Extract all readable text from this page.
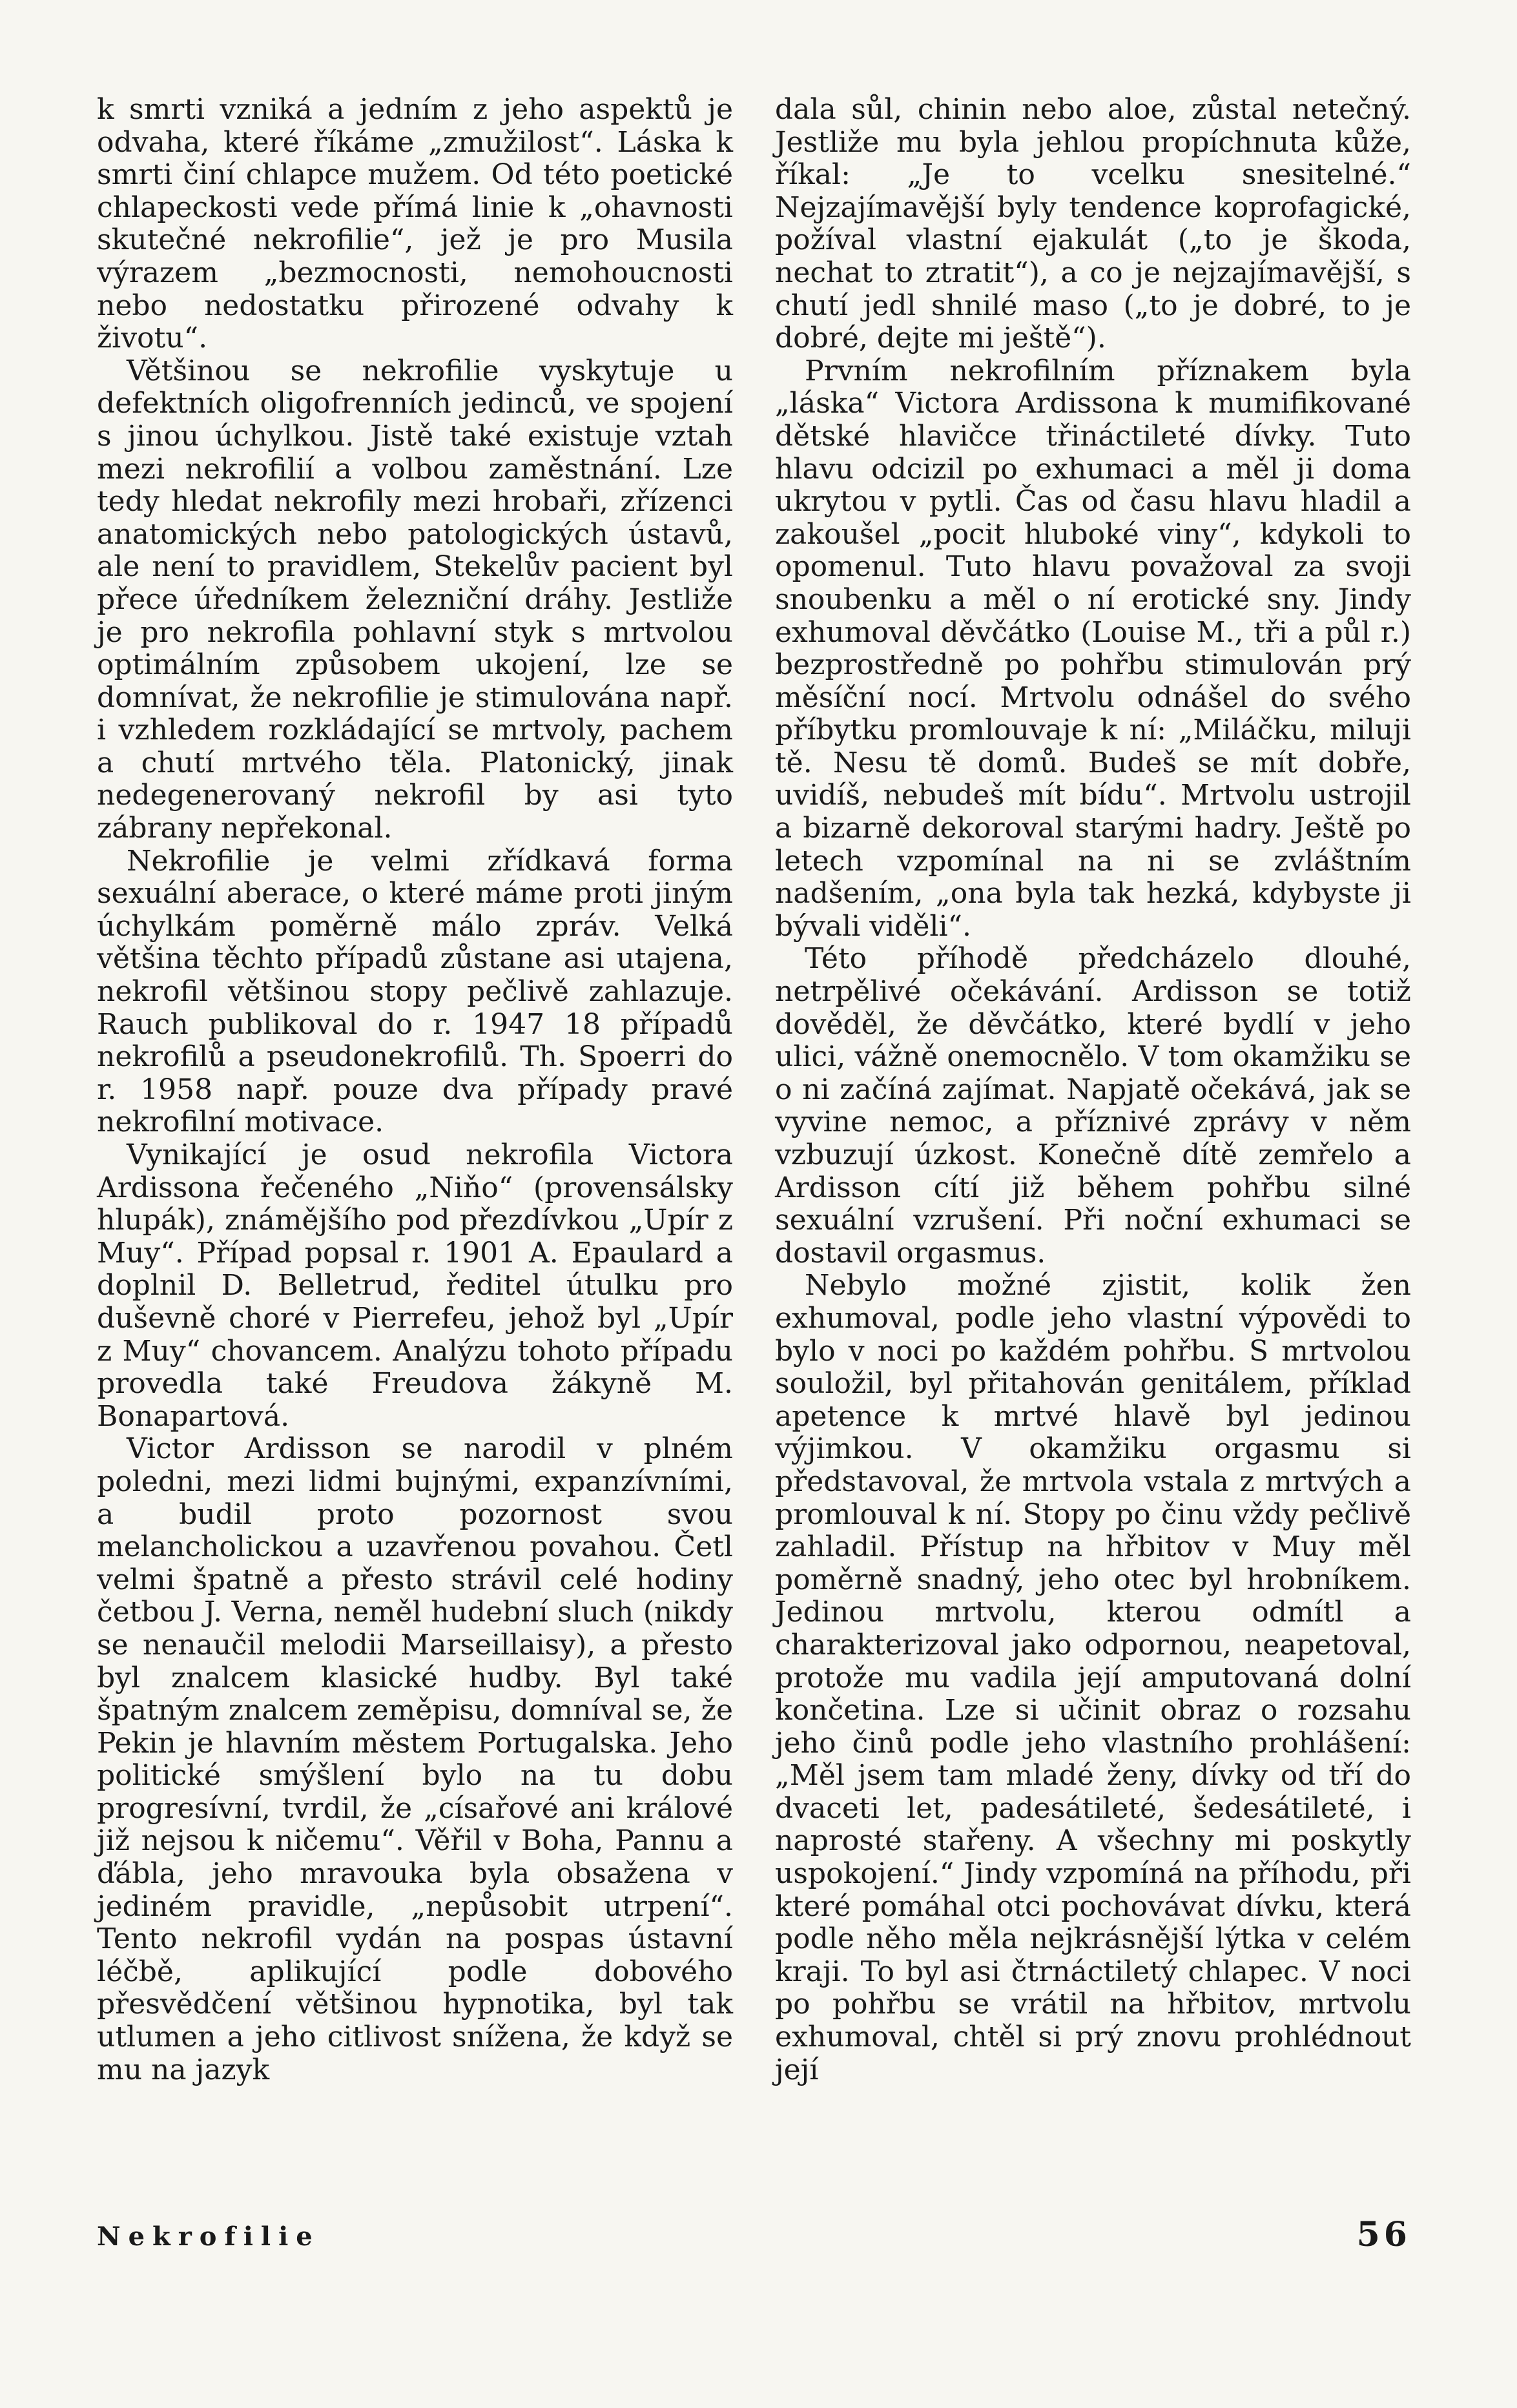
k smrti vzniká a jedním z jeho aspektů je odvaha, které říkáme „zmužilost“. Láska k smrti činí chlapce mužem. Od této poetické chlapeckosti vede přímá linie k „ohavnosti skutečné nekrofilie“, jež je pro Musila výrazem „bezmocnosti, nemohoucnosti nebo nedostatku přirozené odvahy k životu“.

Většinou se nekrofilie vyskytuje u defektních oligofrenních jedinců, ve spojení s jinou úchylkou. Jistě také existuje vztah mezi nekrofilií a volbou zaměstnání. Lze tedy hledat nekrofily mezi hrobaři, zřízenci anatomických nebo patologických ústavů, ale není to pravidlem, Stekelův pacient byl přece úředníkem železniční dráhy. Jestliže je pro nekrofila pohlavní styk s mrtvolou optimálním způsobem ukojení, lze se domnívat, že nekrofilie je stimulována např. i vzhledem rozkládající se mrtvoly, pachem a chutí mrtvého těla. Platonický, jinak nedegenerovaný nekrofil by asi tyto zábrany nepřekonal.

Nekrofilie je velmi zřídkavá forma sexuální aberace, o které máme proti jiným úchylkám poměrně málo zpráv. Velká většina těchto případů zůstane asi utajena, nekrofil většinou stopy pečlivě zahlazuje. Rauch publikoval do r. 1947 18 případů nekrofilů a pseudonekrofilů. Th. Spoerri do r. 1958 např. pouze dva případy pravé nekrofilní motivace.

Vynikající je osud nekrofila Victora Ardissona řečeného „Niňo“ (provensálsky hlupák), známějšího pod přezdívkou „Upír z Muy“. Případ popsal r. 1901 A. Epaulard a doplnil D. Belletrud, ředitel útulku pro duševně choré v Pierrefeu, jehož byl „Upír z Muy“ chovancem. Analýzu tohoto případu provedla také Freudova žákyně M. Bonapartová.

Victor Ardisson se narodil v plném poledni, mezi lidmi bujnými, expanzívními, a budil proto pozornost svou melancholickou a uzavřenou povahou. Četl velmi špatně a přesto strávil celé hodiny četbou J. Verna, neměl hudební sluch (nikdy se nenaučil melodii Marseillaisy), a přesto byl znalcem klasické hudby. Byl také špatným znalcem zeměpisu, domníval se, že Pekin je hlavním městem Portugalska. Jeho politické smýšlení bylo na tu dobu progresívní, tvrdil, že „císařové ani králové již nejsou k ničemu“. Věřil v Boha, Pannu a ďábla, jeho mravouka byla obsažena v jediném pravidle, „nepůsobit utrpení“. Tento nekrofil vydán na pospas ústavní léčbě, aplikující podle dobového přesvědčení většinou hypnotika, byl tak utlumen a jeho citlivost snížena, že když se mu na jazyk

dala sůl, chinin nebo aloe, zůstal netečný. Jestliže mu byla jehlou propíchnuta kůže, říkal: „Je to vcelku snesitelné.“ Nejzajímavější byly tendence koprofagické, požíval vlastní ejakulát („to je škoda, nechat to ztratit“), a co je nejzajímavější, s chutí jedl shnilé maso („to je dobré, to je dobré, dejte mi ještě“).

Prvním nekrofilním příznakem byla „láska“ Victora Ardissona k mumifikované dětské hlavičce třináctileté dívky. Tuto hlavu odcizil po exhumaci a měl ji doma ukrytou v pytli. Čas od času hlavu hladil a zakoušel „pocit hluboké viny“, kdykoli to opomenul. Tuto hlavu považoval za svoji snoubenku a měl o ní erotické sny. Jindy exhumoval děvčátko (Louise M., tři a půl r.) bezprostředně po pohřbu stimulován prý měsíční nocí. Mrtvolu odnášel do svého příbytku promlouvaje k ní: „Miláčku, miluji tě. Nesu tě domů. Budeš se mít dobře, uvidíš, nebudeš mít bídu“. Mrtvolu ustrojil a bizarně dekoroval starými hadry. Ještě po letech vzpomínal na ni se zvláštním nadšením, „ona byla tak hezká, kdybyste ji bývali viděli“.

Této příhodě předcházelo dlouhé, netrpělivé očekávání. Ardisson se totiž dověděl, že děvčátko, které bydlí v jeho ulici, vážně onemocnělo. V tom okamžiku se o ni začíná zajímat. Napjatě očekává, jak se vyvine nemoc, a příznivé zprávy v něm vzbuzují úzkost. Konečně dítě zemřelo a Ardisson cítí již během pohřbu silné sexuální vzrušení. Při noční exhumaci se dostavil orgasmus.

Nebylo možné zjistit, kolik žen exhumoval, podle jeho vlastní výpovědi to bylo v noci po každém pohřbu. S mrtvolou souložil, byl přitahován genitálem, příklad apetence k mrtvé hlavě byl jedinou výjimkou. V okamžiku orgasmu si představoval, že mrtvola vstala z mrtvých a promlouval k ní. Stopy po činu vždy pečlivě zahladil. Přístup na hřbitov v Muy měl poměrně snadný, jeho otec byl hrobníkem. Jedinou mrtvolu, kterou odmítl a charakterizoval jako odpornou, neapetoval, protože mu vadila její amputovaná dolní končetina. Lze si učinit obraz o rozsahu jeho činů podle jeho vlastního prohlášení: „Měl jsem tam mladé ženy, dívky od tří do dvaceti let, padesátileté, šedesátileté, i naprosté stařeny. A všechny mi poskytly uspokojení.“ Jindy vzpomíná na příhodu, při které pomáhal otci pochovávat dívku, která podle něho měla nejkrásnější lýtka v celém kraji. To byl asi čtrnáctiletý chlapec. V noci po pohřbu se vrátil na hřbitov, mrtvolu exhumoval, chtěl si prý znovu prohlédnout její

Nekrofilie	56
